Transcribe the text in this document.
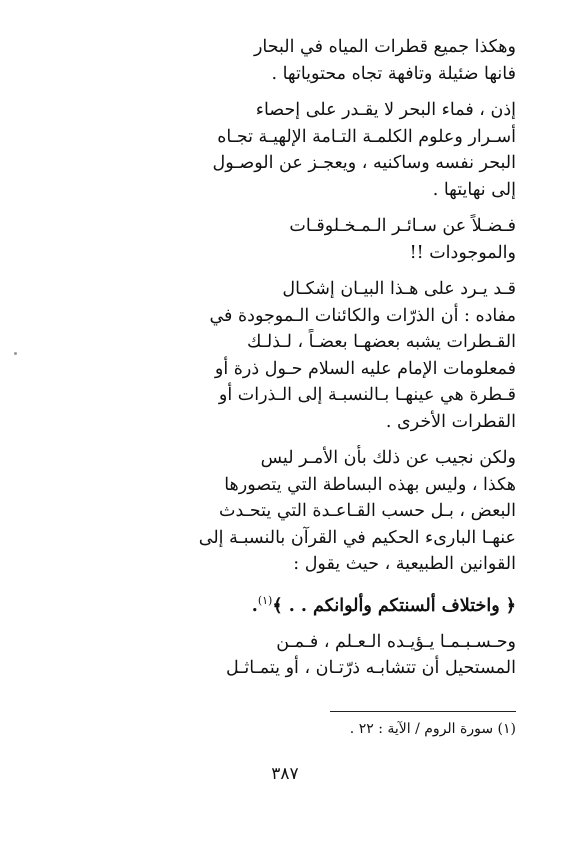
وهكذا جميع قطرات المياه في البحار
فانها ضئيلة وتافهة تجاه محتوياتها .
إذن ، فماء البحر لا يقـدر على إحصاء
أسـرار وعلوم الكلمـة التـامة الإلهيـة تجـاه
البحر نفسه وساكنيه ، ويعجـز عن الوصـول
إلى نهايتها .
فـضـلاً عن سـائـر الـمـخـلوقـات
والموجودات !!
قـد يـرد على هـذا البيـان إشكـال
مفاده : أن الذرّات والكائنات الـموجودة في
القـطرات يشبه بعضهـا بعضـاً ، لـذلـك
فمعلومات الإمام عليه السلام حـول ذرة أو
قـطرة هي عينهـا بـالنسبـة إلى الـذرات أو
القطرات الأخرى .
ولكن نجيب عن ذلك بأن الأمـر ليس
هكذا ، وليس بهذه البساطة التي يتصورها
البعض ، بـل حسب القـاعـدة التي يتحـدث
عنهـا البارىء الحكيم في القرآن بالنسبـة إلى
القوانين الطبيعية ، حيث يقول :
﴿ واختلاف ألسنتكم وألوانكم . . ﴾$^{(١)}$.
وحـسـبـمـا يـؤيـده الـعـلم ، فـمـن
المستحيل أن تتشابـه ذرّتـان ، أو يتمـاثـل
(١) سورة الروم / الآية : ٢٢ .
٣٨٧
